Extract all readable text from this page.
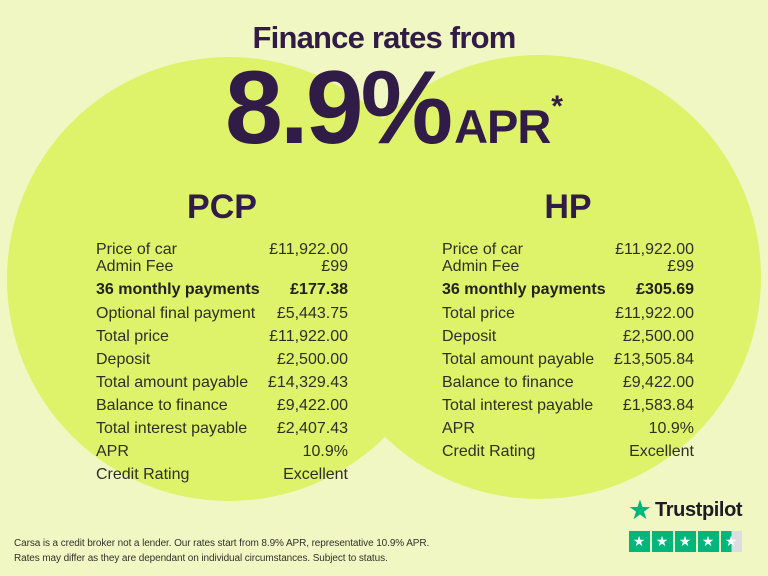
Finance rates from
8.9% APR *
PCP
Price of car	£11,922.00
Admin Fee	£99
36 monthly payments £177.38
Optional final payment £5,443.75
Total price	£11,922.00
Deposit	£2,500.00
Total amount payable £14,329.43
Balance to finance	£9,422.00
Total interest payable £2,407.43
APR	10.9%
Credit Rating	Excellent
HP
Price of car	£11,922.00
Admin Fee	£99
36 monthly payments £305.69
Total price	£11,922.00
Deposit	£2,500.00
Total amount payable £13,505.84
Balance to finance	£9,422.00
Total interest payable £1,583.84
APR	10.9%
Credit Rating	Excellent
Carsa is a credit broker not a lender. Our rates start from 8.9% APR, representative 10.9% APR.
Rates may differ as they are dependant on individual circumstances. Subject to status.
★ Trustpilot
★ ★ ★ ★ ★
